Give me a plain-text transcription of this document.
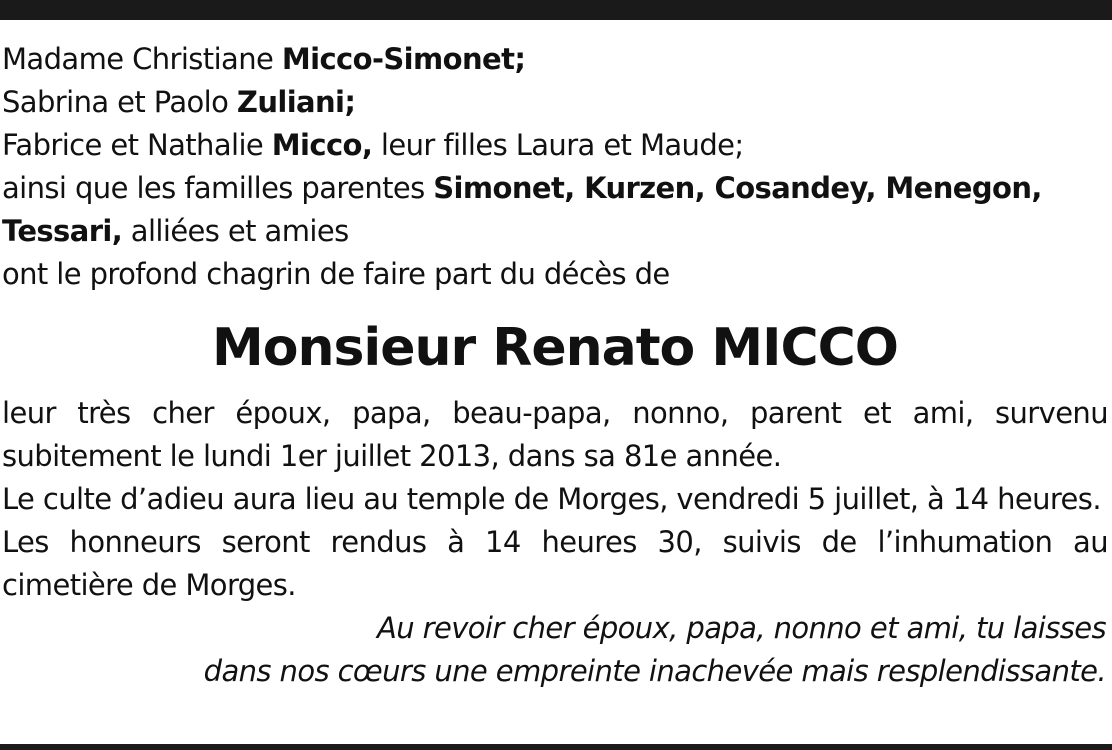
Madame Christiane Micco-Simonet;
Sabrina et Paolo Zuliani;
Fabrice et Nathalie Micco, leur filles Laura et Maude;
ainsi que les familles parentes Simonet, Kurzen, Cosandey, Menegon,
Tessari, alliées et amies
ont le profond chagrin de faire part du décès de
Monsieur Renato MICCO

leur très cher époux, papa, beau-papa, nonno, parent et ami, survenu subitement le lundi 1er juillet 2013, dans sa 81e année.

Le culte d’adieu aura lieu au temple de Morges, vendredi 5 juillet, à 14 heures.

Les honneurs seront rendus à 14 heures 30, suivis de l’inhumation au cimetière de Morges.

Au revoir cher époux, papa, nonno et ami, tu laisses
dans nos cœurs une empreinte inachevée mais resplendissante.
